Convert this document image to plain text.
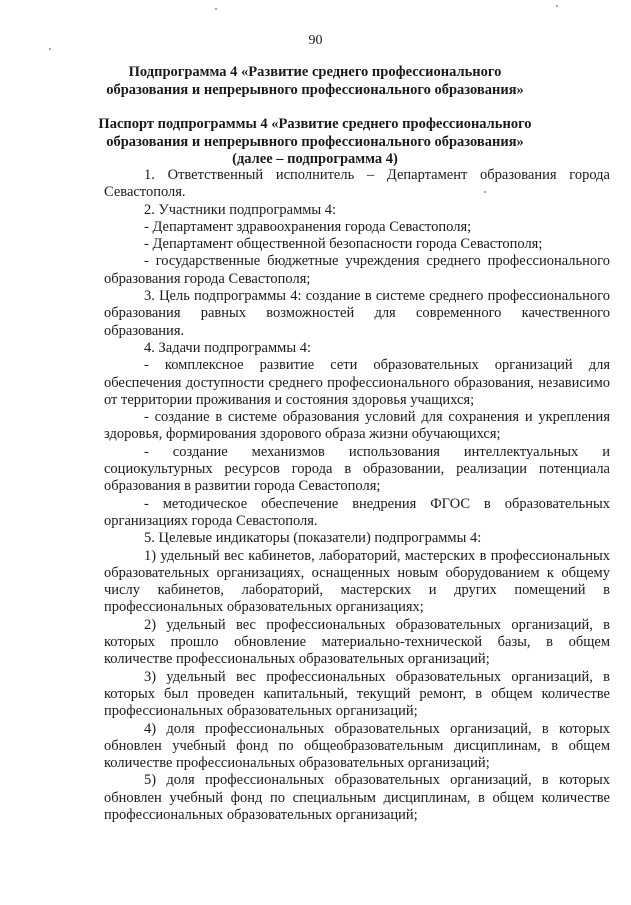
90
Подпрограмма 4 «Развитие среднего профессионального образования и непрерывного профессионального образования»
Паспорт подпрограммы 4 «Развитие среднего профессионального
образования и непрерывного профессионального образования»
(далее – подпрограмма 4)

1. Ответственный исполнитель – Департамент образования города Севастополя.

2. Участники подпрограммы 4:

- Департамент здравоохранения города Севастополя;

- Департамент общественной безопасности города Севастополя;

- государственные бюджетные учреждения среднего профессионального образования города Севастополя;

3. Цель подпрограммы 4: создание в системе среднего профессионального образования равных возможностей для современного качественного образования.

4. Задачи подпрограммы 4:

- комплексное развитие сети образовательных организаций для обеспечения доступности среднего профессионального образования, независимо от территории проживания и состояния здоровья учащихся;

- создание в системе образования условий для сохранения и укрепления здоровья, формирования здорового образа жизни обучающихся;

- создание механизмов использования интеллектуальных и социокультурных ресурсов города в образовании, реализации потенциала образования в развитии города Севастополя;

- методическое обеспечение внедрения ФГОС в образовательных организациях города Севастополя.

5. Целевые индикаторы (показатели) подпрограммы 4:

1) удельный вес кабинетов, лабораторий, мастерских в профессиональных образовательных организациях, оснащенных новым оборудованием к общему числу кабинетов, лабораторий, мастерских и других помещений в профессиональных образовательных организациях;

2) удельный вес профессиональных образовательных организаций, в которых прошло обновление материально-технической базы, в общем количестве профессиональных образовательных организаций;

3) удельный вес профессиональных образовательных организаций, в которых был проведен капитальный, текущий ремонт, в общем количестве профессиональных образовательных организаций;

4) доля профессиональных образовательных организаций, в которых обновлен учебный фонд по общеобразовательным дисциплинам, в общем количестве профессиональных образовательных организаций;

5) доля профессиональных образовательных организаций, в которых обновлен учебный фонд по специальным дисциплинам, в общем количестве профессиональных образовательных организаций;
